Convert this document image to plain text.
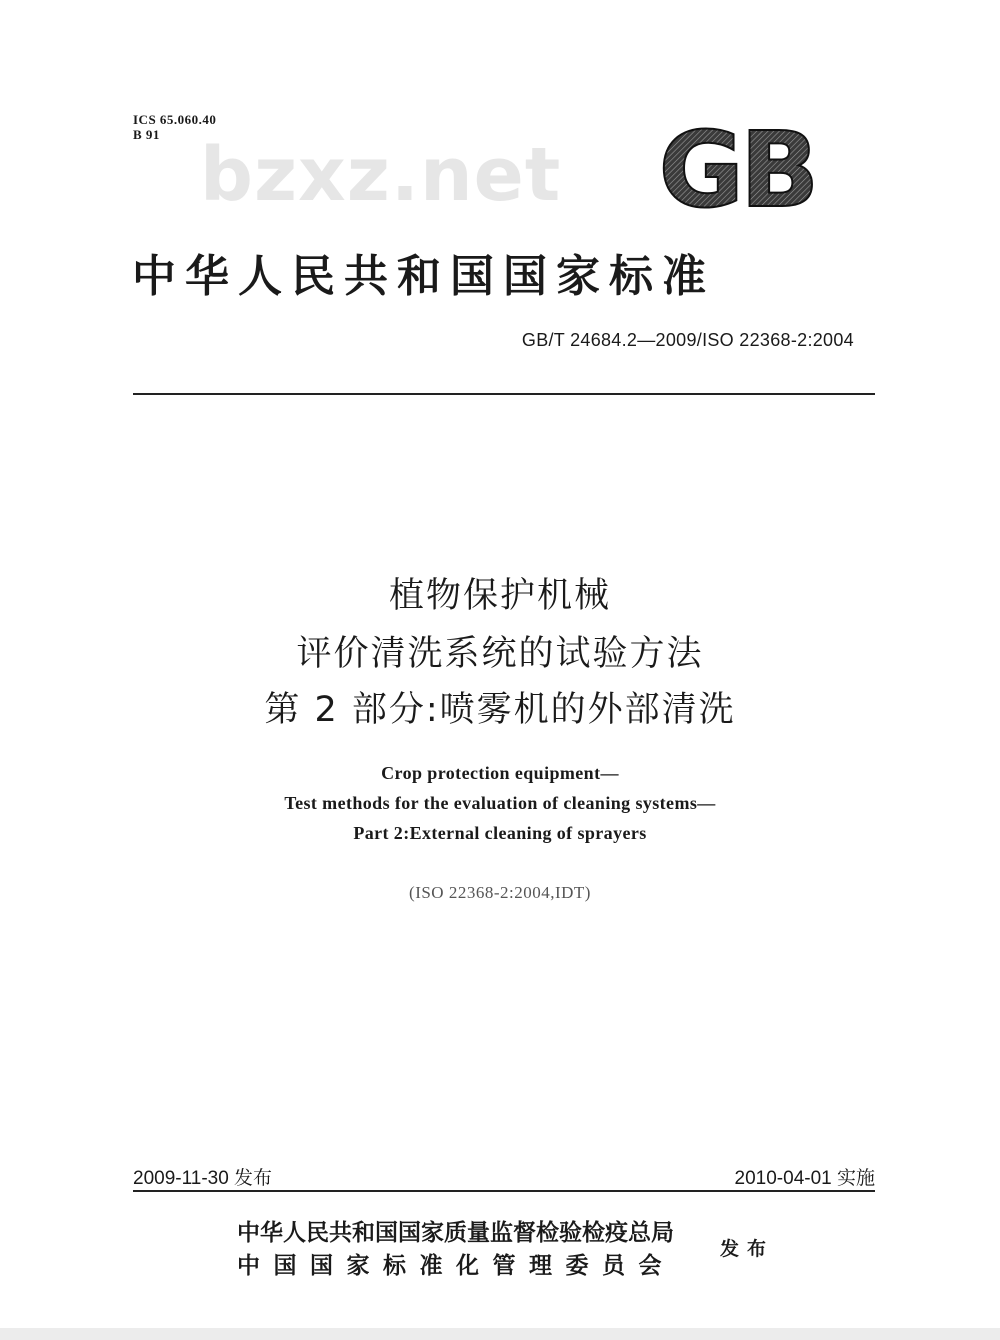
ICS 65.060.40
B 91 bzxz.net GB
中华人民共和国国家标准
GB/T 24684.2—2009/ISO 22368-2:2004
植物保护机械
评价清洗系统的试验方法
第 2 部分:喷雾机的外部清洗
Crop protection equipment—
Test methods for the evaluation of cleaning systems—
Part 2:External cleaning of sprayers
(ISO 22368-2:2004,IDT)
2009-11-30 发布	2010-04-01 实施
中华人民共和国国家质量监督检验检疫总局
中国国家标准化管理委员会
发布
